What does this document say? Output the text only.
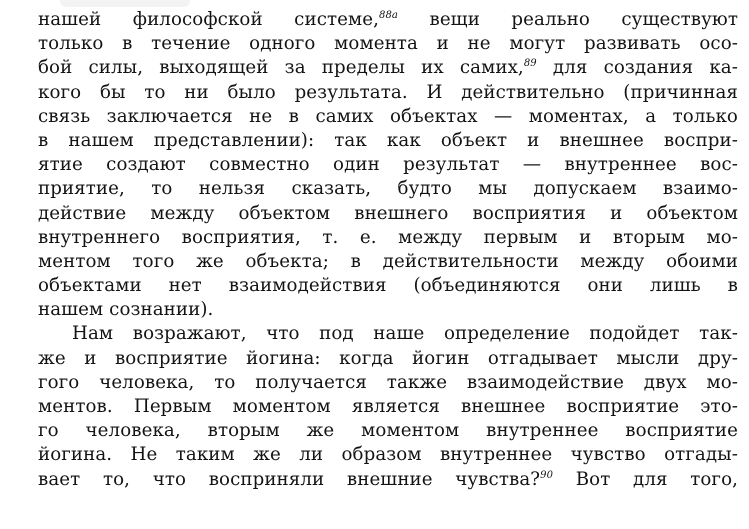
нашей философской системе,$^{88a}$ вещи реально существуют
только в течение одного момента и не могут развивать осо-
бой силы, выходящей за пределы их самих,$^{89}$ для создания ка-
кого бы то ни было результата. И действительно (причинная
связь заключается не в самих объектах — моментах, а только
в нашем представлении): так как объект и внешнее воспри-
ятие создают совместно один результат — внутреннее вос-
приятие, то нельзя сказать, будто мы допускаем взаимо-
действие между объектом внешнего восприятия и объектом
внутреннего восприятия, т. е. между первым и вторым мо-
ментом того же объекта; в действительности между обоими
объектами нет взаимодействия (объединяются они лишь в
нашем сознании).
Нам возражают, что под наше определение подойдет так-
же и восприятие йогина: когда йогин отгадывает мысли дру-
гого человека, то получается также взаимодействие двух мо-
ментов. Первым моментом является внешнее восприятие это-
го человека, вторым же моментом внутреннее восприятие
йогина. Не таким же ли образом внутреннее чувство отгады-
вает то, что восприняли внешние чувства?$^{90}$ Вот для того,
